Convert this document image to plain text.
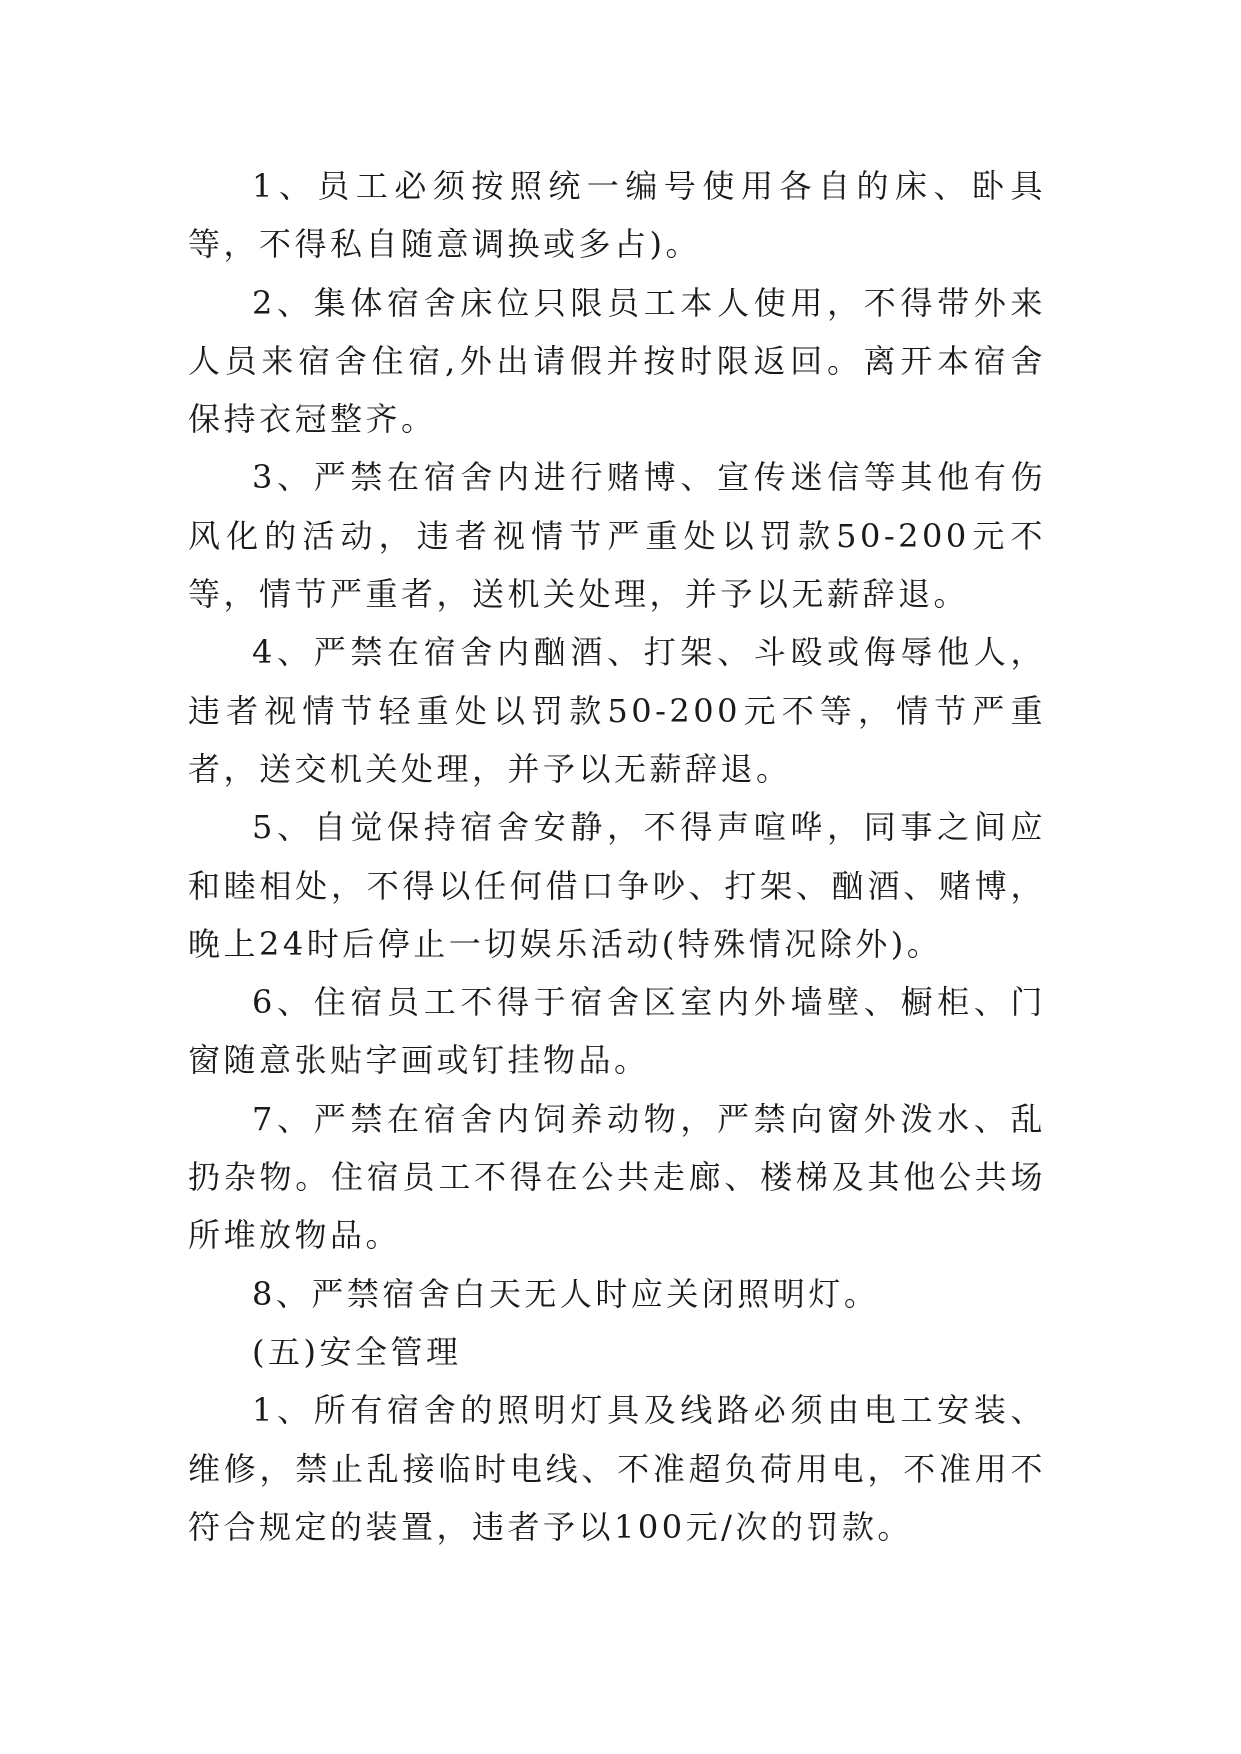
1、员工必须按照统一编号使用各自的床、卧具等，不得私自随意调换或多占)。

2、集体宿舍床位只限员工本人使用，不得带外来人员来宿舍住宿,外出请假并按时限返回。离开本宿舍保持衣冠整齐。

3、严禁在宿舍内进行赌博、宣传迷信等其他有伤风化的活动，违者视情节严重处以罚款50-200元不等，情节严重者，送机关处理，并予以无薪辞退。

4、严禁在宿舍内酗酒、打架、斗殴或侮辱他人，违者视情节轻重处以罚款50-200元不等，情节严重者，送交机关处理，并予以无薪辞退。

5、自觉保持宿舍安静，不得声喧哗，同事之间应和睦相处，不得以任何借口争吵、打架、酗酒、赌博，晚上24时后停止一切娱乐活动(特殊情况除外)。

6、住宿员工不得于宿舍区室内外墙壁、橱柜、门窗随意张贴字画或钉挂物品。

7、严禁在宿舍内饲养动物，严禁向窗外泼水、乱扔杂物。住宿员工不得在公共走廊、楼梯及其他公共场所堆放物品。

8、严禁宿舍白天无人时应关闭照明灯。

(五)安全管理

1、所有宿舍的照明灯具及线路必须由电工安装、维修，禁止乱接临时电线、不准超负荷用电，不准用不符合规定的装置，违者予以100元/次的罚款。
